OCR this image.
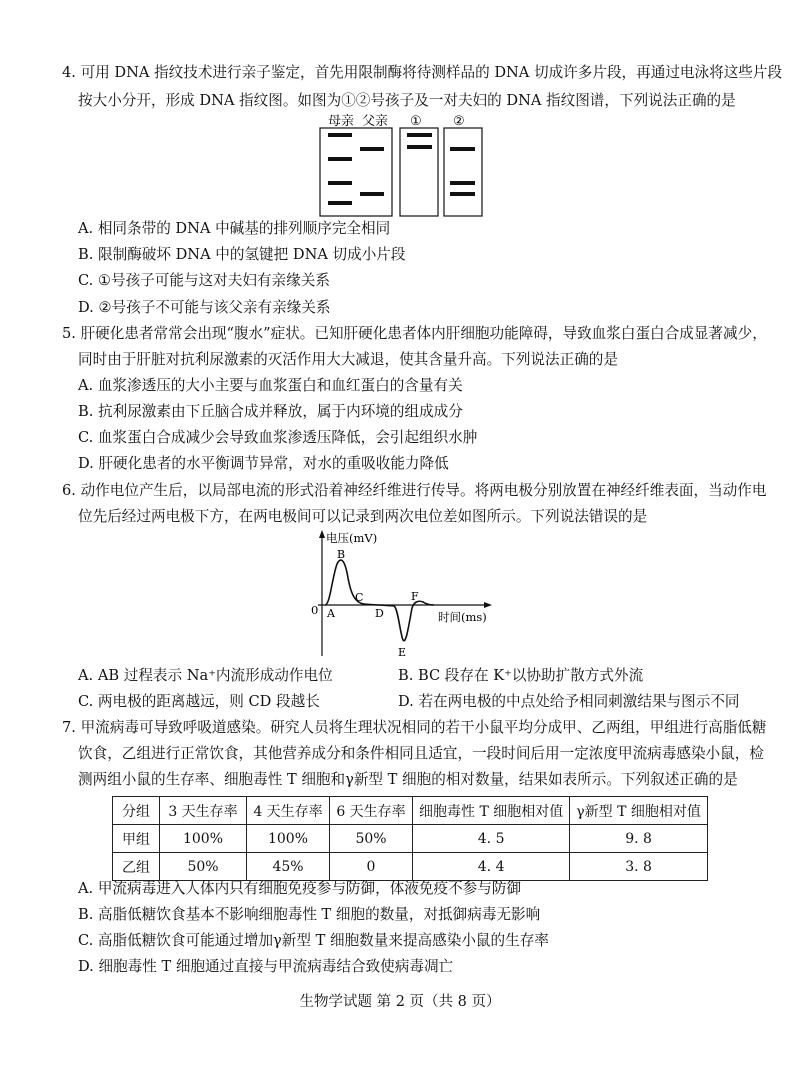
4. 可用 DNA 指纹技术进行亲子鉴定，首先用限制酶将待测样品的 DNA 切成许多片段，再通过电泳将这些片段
按大小分开，形成 DNA 指纹图。如图为①②号孩子及一对夫妇的 DNA 指纹图谱，下列说法正确的是
母亲 父亲 ① ②
A. 相同条带的 DNA 中碱基的排列顺序完全相同
B. 限制酶破坏 DNA 中的氢键把 DNA 切成小片段
C. ①号孩子可能与这对夫妇有亲缘关系
D. ②号孩子不可能与该父亲有亲缘关系
5. 肝硬化患者常常会出现“腹水”症状。已知肝硬化患者体内肝细胞功能障碍，导致血浆白蛋白合成显著减少，
同时由于肝脏对抗利尿激素的灭活作用大大减退，使其含量升高。下列说法正确的是
A. 血浆渗透压的大小主要与血浆蛋白和血红蛋白的含量有关
B. 抗利尿激素由下丘脑合成并释放，属于内环境的组成成分
C. 血浆蛋白合成减少会导致血浆渗透压降低，会引起组织水肿
D. 肝硬化患者的水平衡调节异常，对水的重吸收能力降低
6. 动作电位产生后，以局部电流的形式沿着神经纤维进行传导。将两电极分别放置在神经纤维表面，当动作电
位先后经过两电极下方，在两电极间可以记录到两次电位差如图所示。下列说法错误的是
电压(mV)
时间(ms)
0 A
B
C
D
E
F
A. AB 过程表示 Na⁺内流形成动作电位	B. BC 段存在 K⁺以协助扩散方式外流
C. 两电极的距离越远，则 CD 段越长	D. 若在两电极的中点处给予相同刺激结果与图示不同
7. 甲流病毒可导致呼吸道感染。研究人员将生理状况相同的若干小鼠平均分成甲、乙两组，甲组进行高脂低糖
饮食，乙组进行正常饮食，其他营养成分和条件相同且适宜，一段时间后用一定浓度甲流病毒感染小鼠，检
测两组小鼠的生存率、细胞毒性 T 细胞和γ新型 T 细胞的相对数量，结果如表所示。下列叙述正确的是
分组	3 天生存率	4 天生存率	6 天生存率	细胞毒性 T 细胞相对值	γ新型 T 细胞相对值
甲组	100%	100%	50%	4. 5	9. 8
乙组	50%	45%	0	4. 4	3. 8
A. 甲流病毒进入人体内只有细胞免疫参与防御，体液免疫不参与防御
B. 高脂低糖饮食基本不影响细胞毒性 T 细胞的数量，对抵御病毒无影响
C. 高脂低糖饮食可能通过增加γ新型 T 细胞数量来提高感染小鼠的生存率
D. 细胞毒性 T 细胞通过直接与甲流病毒结合致使病毒凋亡
生物学试题 第 2 页（共 8 页）
